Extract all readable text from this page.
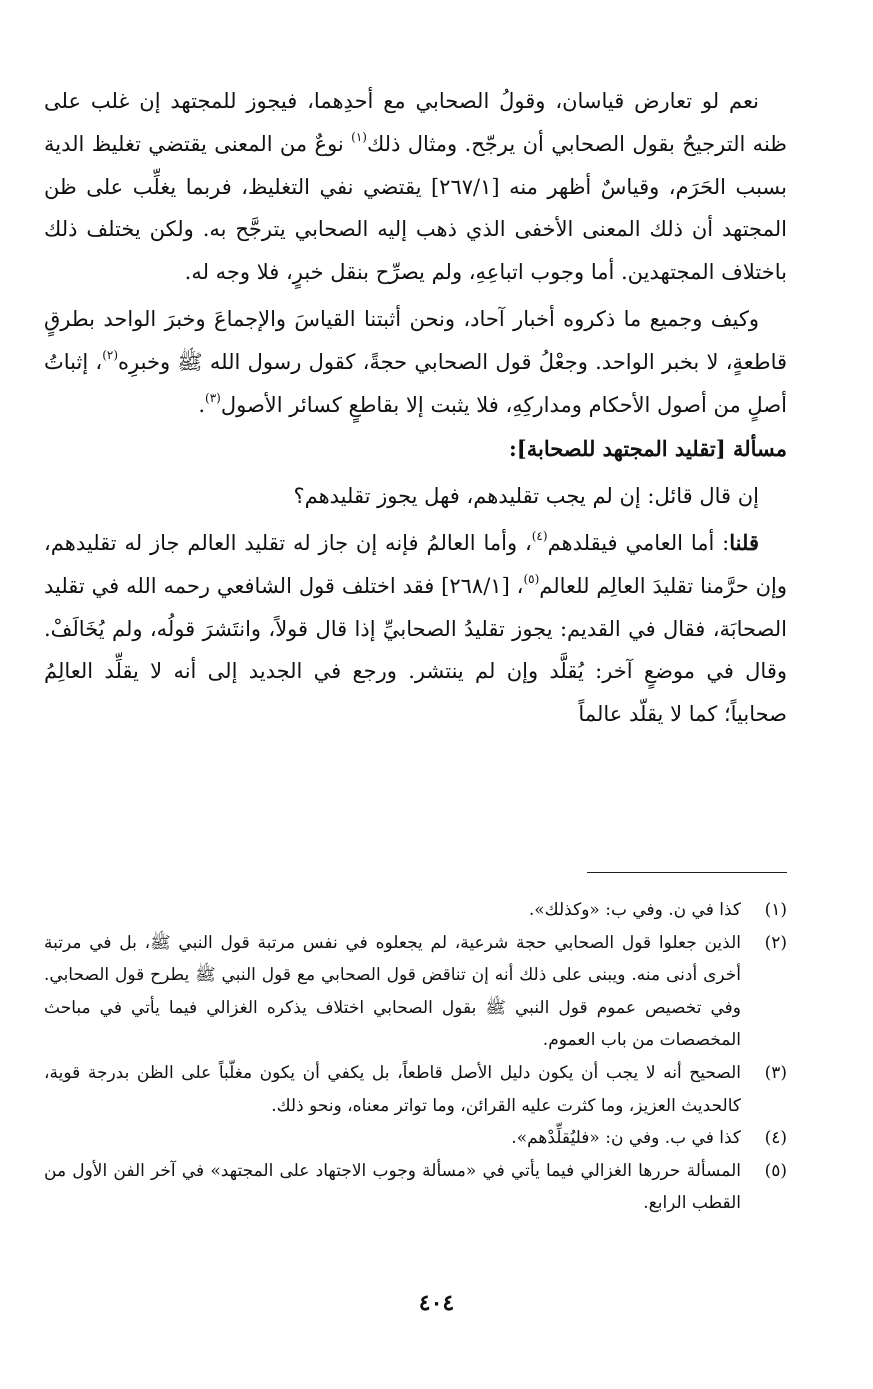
نعم لو تعارض قياسان، وقولُ الصحابي مع أحدِهما، فيجوز للمجتهد إن غلب على ظنه الترجيحُ بقول الصحابي أن يرجّح. ومثال ذلك$^{(١)}$ نوعٌ من المعنى يقتضي تغليظ الدية بسبب الحَرَم، وقياسٌ أظهر منه [٢٦٧/١] يقتضي نفي التغليظ، فربما يغلِّب على ظن المجتهد أن ذلك المعنى الأخفى الذي ذهب إليه الصحابي يترجَّح به. ولكن يختلف ذلك باختلاف المجتهدين. أما وجوب اتباعِهِ، ولم يصرِّح بنقل خبرٍ، فلا وجه له.

وكيف وجميع ما ذكروه أخبار آحاد، ونحن أثبتنا القياسَ والإجماعَ وخبرَ الواحد بطرقٍ قاطعةٍ، لا بخبر الواحد. وجعْلُ قول الصحابي حجةً، كقول رسول الله ﷺ وخبرِه$^{(٢)}$، إثباتُ أصلٍ من أصول الأحكام ومداركِهِ، فلا يثبت إلا بقاطعٍ كسائر الأصول$^{(٣)}$.

مسألة [تقليد المجتهد للصحابة]:

إن قال قائل: إن لم يجب تقليدهم، فهل يجوز تقليدهم؟

قلنا: أما العامي فيقلدهم$^{(٤)}$، وأما العالمُ فإنه إن جاز له تقليد العالم جاز له تقليدهم، وإن حرَّمنا تقليدَ العالِم للعالم$^{(٥)}$، [٢٦٨/١] فقد اختلف قول الشافعي رحمه الله في تقليد الصحابَة، فقال في القديم: يجوز تقليدُ الصحابيِّ إذا قال قولاً، وانتَشرَ قولُه، ولم يُخَالَفْ. وقال في موضعٍ آخر: يُقلَّد وإن لم ينتشر. ورجع في الجديد إلى أنه لا يقلِّد العالِمُ صحابياً؛ كما لا يقلّد عالماً

(١)
كذا في ن. وفي ب: «وكذلك».
(٢)
الذين جعلوا قول الصحابي حجة شرعية، لم يجعلوه في نفس مرتبة قول النبي ﷺ، بل في مرتبة أخرى أدنى منه. ويبنى على ذلك أنه إن تناقض قول الصحابي مع قول النبي ﷺ يطرح قول الصحابي. وفي تخصيص عموم قول النبي ﷺ بقول الصحابي اختلاف يذكره الغزالي فيما يأتي في مباحث المخصصات من باب العموم.
(٣)
الصحيح أنه لا يجب أن يكون دليل الأصل قاطعاً، بل يكفي أن يكون مغلّباً على الظن بدرجة قوية، كالحديث العزيز، وما كثرت عليه القرائن، وما تواتر معناه، ونحو ذلك.
(٤)
كذا في ب. وفي ن: «فليُقلِّدْهم».
(٥)
المسألة حررها الغزالي فيما يأتي في «مسألة وجوب الاجتهاد على المجتهد» في آخر الفن الأول من القطب الرابع.
٤٠٤
